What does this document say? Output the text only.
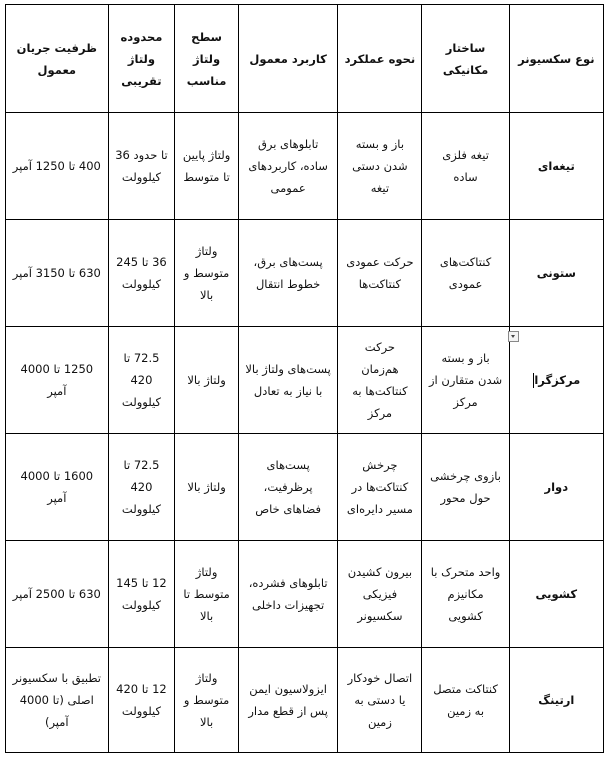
نوع سکسیونر	ساختار مکانیکی	نحوه عملکرد	کاربرد معمول	سطح ولتاژ مناسب	محدوده ولتاژ تقریبی	ظرفیت جریان معمول
تیغه‌ای	تیغه فلزی ساده	باز و بسته شدن دستی تیغه	تابلوهای برق ساده، کاربردهای عمومی	ولتاژ پایین تا متوسط	تا حدود 36 کیلوولت	400 تا 1250 آمپر
ستونی	کنتاکت‌های عمودی	حرکت عمودی کنتاکت‌ها	پست‌های برق، خطوط انتقال	ولتاژ متوسط و بالا	36 تا 245 کیلوولت	630 تا 3150 آمپر
مرکزگرا	باز و بسته شدن متقارن از مرکز	حرکت هم‌زمان کنتاکت‌ها به مرکز	پست‌های ولتاژ بالا با نیاز به تعادل	ولتاژ بالا	72.5 تا 420 کیلوولت	1250 تا 4000 آمپر
دوار	بازوی چرخشی حول محور	چرخش کنتاکت‌ها در مسیر دایره‌ای	پست‌های پرظرفیت، فضاهای خاص	ولتاژ بالا	72.5 تا 420 کیلوولت	1600 تا 4000 آمپر
کشویی	واحد متحرک با مکانیزم کشویی	بیرون کشیدن فیزیکی سکسیونر	تابلوهای فشرده، تجهیزات داخلی	ولتاژ متوسط تا بالا	12 تا 145 کیلوولت	630 تا 2500 آمپر
ارتینگ	کنتاکت متصل به زمین	اتصال خودکار یا دستی به زمین	ایزولاسیون ایمن پس از قطع مدار	ولتاژ متوسط و بالا	12 تا 420 کیلوولت	تطبیق با سکسیونر اصلی (تا 4000 آمپر)
